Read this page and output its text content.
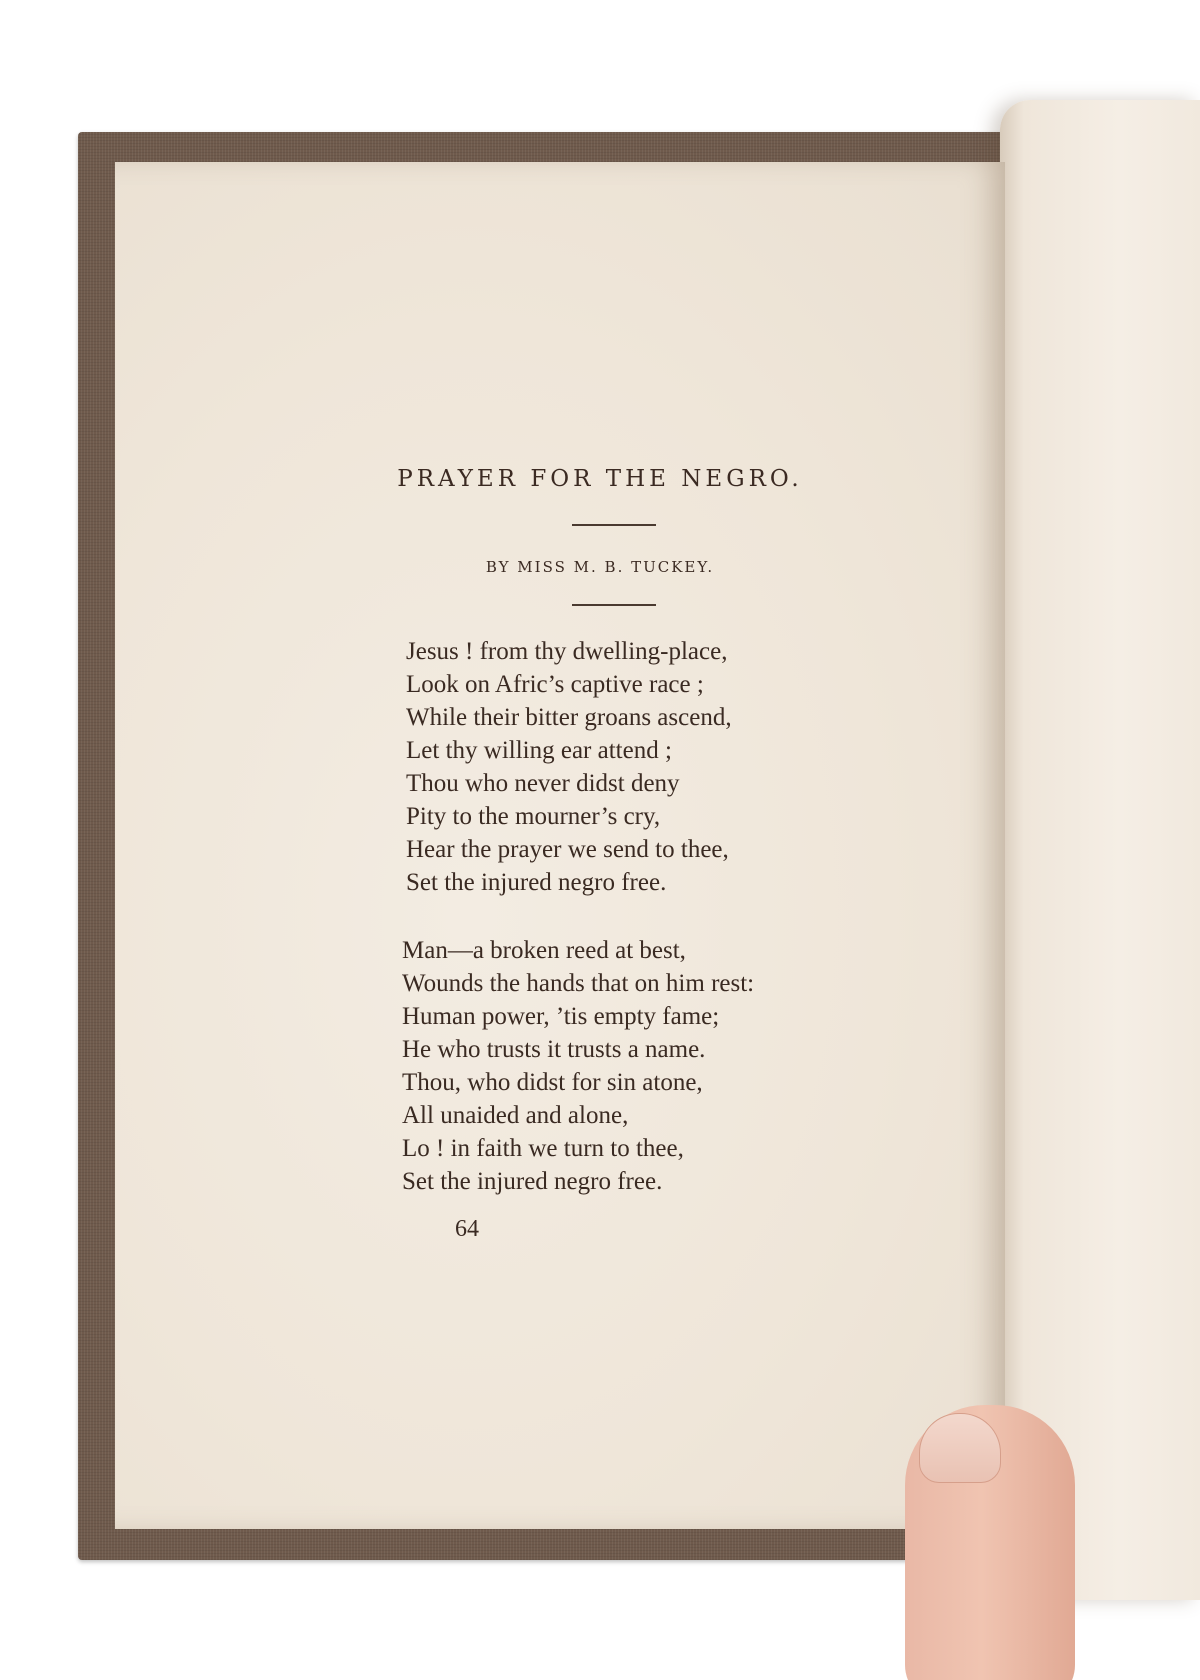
PRAYER FOR THE NEGRO.
BY MISS M. B. TUCKEY.
Jesus ! from thy dwelling-place,
Look on Afric’s captive race ;
While their bitter groans ascend,
Let thy willing ear attend ;
Thou who never didst deny
Pity to the mourner’s cry,
Hear the prayer we send to thee,
Set the injured negro free.
Man—a broken reed at best,
Wounds the hands that on him rest:
Human power, ’tis empty fame;
He who trusts it trusts a name.
Thou, who didst for sin atone,
All unaided and alone,
Lo ! in faith we turn to thee,
Set the injured negro free.
64
